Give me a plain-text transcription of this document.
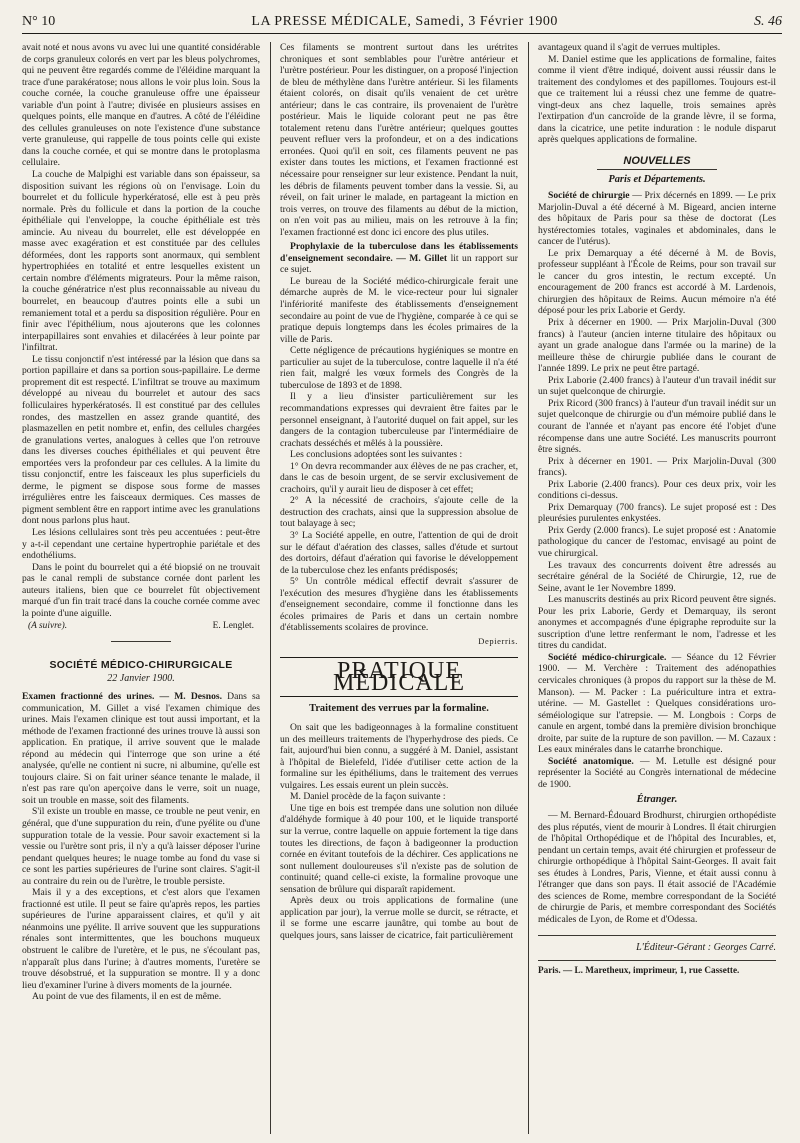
N° 10	LA PRESSE MÉDICALE, Samedi, 3 Février 1900	S. 46

avait noté et nous avons vu avec lui une quantité considérable de corps granuleux colorés en vert par les bleus polychromes, qui ne peuvent être regardés comme de l'éléidine marquant la trace d'une parakératose; nous allons le voir plus loin. Sous la couche cornée, la couche granuleuse offre une épaisseur variable d'un point à l'autre; divisée en plusieurs assises en quelques points, elle manque en d'autres. A côté de l'éléidine des cellules granuleuses on note l'existence d'une substance verte granuleuse, qui rappelle de tous points celle qui existe dans la couche cornée, et qui se montre dans le protoplasma cellulaire.

La couche de Malpighi est variable dans son épaisseur, sa disposition suivant les régions où on l'envisage. Loin du bourrelet et du follicule hyperkératosé, elle est à peu près normale. Près du follicule et dans la portion de la couche épithéliale qui l'enveloppe, la couche épithéliale est très amincie. Au niveau du bourrelet, elle est développée en masse avec exagération et est constituée par des cellules déformées, dont les rapports sont anormaux, qui semblent hypertrophiées en totalité et entre lesquelles existent un certain nombre d'éléments migrateurs. Pour la même raison, la couche génératrice n'est plus reconnaissable au niveau du bourrelet, en beaucoup d'autres points elle a subi un remaniement total et a perdu sa disposition régulière. Pour en finir avec l'épithélium, nous ajouterons que les colonnes interpapillaires sont envahies et dilacérées à leur pointe par l'infiltrat.

Le tissu conjonctif n'est intéressé par la lésion que dans sa portion papillaire et dans sa portion sous-papillaire. Le derme proprement dit est respecté. L'infiltrat se trouve au maximum développé au niveau du bourrelet et autour des sacs folliculaires hyperkératosés. Il est constitué par des cellules rondes, des mastzellen en assez grande quantité, des plasmazellen en petit nombre et, enfin, des cellules chargées de granulations vertes, analogues à celles que l'on retrouve dans les diverses couches épithéliales et qui peuvent être emportées vers la profondeur par ces cellules. A la limite du tissu conjonctif, entre les faisceaux les plus superficiels du derme, le pigment se dispose sous forme de masses irrégulières entre les faisceaux dermiques. Ces masses de pigment semblent être en rapport intime avec les granulations dont nous parlons plus haut.

Les lésions cellulaires sont très peu accentuées : peut-être y a-t-il cependant une certaine hypertrophie pariétale et des endothéliums.

Dans le point du bourrelet qui a été biopsié on ne trouvait pas le canal rempli de substance cornée dont parlent les auteurs italiens, bien que ce bourrelet fût objectivement marqué d'un fin trait tracé dans la couche cornée comme avec la pointe d'une aiguille.

(A suivre).	E. Lenglet.
SOCIÉTÉ MÉDICO-CHIRURGICALE
22 Janvier 1900.

Examen fractionné des urines. — M. Desnos. Dans sa communication, M. Gillet a visé l'examen chimique des urines. Mais l'examen clinique est tout aussi important, et la méthode de l'examen fractionné des urines trouve là aussi son application. En pratique, il arrive souvent que le malade répond au médecin qui l'interroge que son urine a été analysée, qu'elle ne contient ni sucre, ni albumine, qu'elle est toujours claire. Si on fait uriner séance tenante le malade, il n'est pas rare qu'on aperçoive dans le verre, soit un nuage, soit un trouble en masse, soit des filaments.

S'il existe un trouble en masse, ce trouble ne peut venir, en général, que d'une suppuration du rein, d'une pyélite ou d'une suppuration totale de la vessie. Pour savoir exactement si la vessie ou l'urètre sont pris, il n'y a qu'à laisser déposer l'urine pendant quelques heures; le nuage tombe au fond du vase si ce sont les parties supérieures de l'urine sont claires. S'agit-il au contraire du rein ou de l'urètre, le trouble persiste.

Mais il y a des exceptions, et c'est alors que l'examen fractionné est utile. Il peut se faire qu'après repos, les parties supérieures de l'urine apparaissent claires, et qu'il y ait néanmoins une pyélite. Il arrive souvent que les suppurations rénales sont intermittentes, que les bouchons muqueux obstruent le calibre de l'uretère, et le pus, ne s'écoulant pas, n'apparaît plus dans l'urine; à d'autres moments, l'uretère se trouve désobstrué, et la suppuration se montre. Il y a donc lieu d'examiner l'urine à divers moments de la journée.

Au point de vue des filaments, il en est de même.

Ces filaments se montrent surtout dans les urétrites chroniques et sont semblables pour l'urètre antérieur et l'urètre postérieur. Pour les distinguer, on a proposé l'injection de bleu de méthylène dans l'urètre antérieur. Si les filaments étaient colorés, on disait qu'ils venaient de cet urètre antérieur; dans le cas contraire, ils provenaient de l'urètre postérieur. Mais le liquide colorant peut ne pas être totalement retenu dans l'urètre antérieur; quelques gouttes peuvent refluer vers la profondeur, et on a des indications erronées. Quoi qu'il en soit, ces filaments peuvent ne pas exister dans toutes les mictions, et l'examen fractionné est nécessaire pour renseigner sur leur existence. Pendant la nuit, les débris de filaments peuvent tomber dans la vessie. Si, au réveil, on fait uriner le malade, en partageant la miction en trois verres, on trouve des filaments au début de la miction, on n'en voit pas au milieu, mais on les retrouve à la fin; l'examen fractionné est donc ici encore des plus utiles.

Prophylaxie de la tuberculose dans les établissements d'enseignement secondaire. — M. Gillet lit un rapport sur ce sujet.

Le bureau de la Société médico-chirurgicale ferait une démarche auprès de M. le vice-recteur pour lui signaler l'infériorité manifeste des établissements d'enseignement secondaire au point de vue de l'hygiène, comparée à ce qui se pratique depuis longtemps dans les écoles primaires de la ville de Paris.

Cette négligence de précautions hygiéniques se montre en particulier au sujet de la tuberculose, contre laquelle il n'a été rien fait, malgré les vœux formels des Congrès de la tuberculose de 1893 et de 1898.

Il y a lieu d'insister particulièrement sur les recommandations expresses qui devraient être faites par le personnel enseignant, à l'autorité duquel on fait appel, sur les dangers de la contagion tuberculeuse par l'intermédiaire de crachats desséchés et mêlés à la poussière.

Les conclusions adoptées sont les suivantes :

1° On devra recommander aux élèves de ne pas cracher, et, dans le cas de besoin urgent, de se servir exclusivement de crachoirs, qu'il y aurait lieu de disposer à cet effet;

2° A la nécessité de crachoirs, s'ajoute celle de la destruction des crachats, ainsi que la suppression absolue de tout balayage à sec;

3° La Société appelle, en outre, l'attention de qui de droit sur le défaut d'aération des classes, salles d'étude et surtout des dortoirs, défaut d'aération qui favorise le développement de la tuberculose chez les enfants prédisposés;

5° Un contrôle médical effectif devrait s'assurer de l'exécution des mesures d'hygiène dans les établissements d'enseignement secondaire, comme il fonctionne dans les écoles primaires de Paris et dans un certain nombre d'établissements scolaires de province.

Depierris.
PRATIQUE MÉDICALE
Traitement des verrues par la formaline.

On sait que les badigeonnages à la formaline constituent un des meilleurs traitements de l'hyperhydrose des pieds. Ce fait, aujourd'hui bien connu, a suggéré à M. Daniel, assistant à l'hôpital de Bielefeld, l'idée d'utiliser cette action de la formaline sur les épithéliums, dans le traitement des verrues vulgaires. Les essais eurent un plein succès.

M. Daniel procède de la façon suivante :

Une tige en bois est trempée dans une solution non diluée d'aldéhyde formique à 40 pour 100, et le liquide transporté sur la verrue, contre laquelle on appuie fortement la tige dans toutes les directions, de façon à badigeonner la production cornée en évitant toutefois de la déchirer. Ces applications ne sont nullement douloureuses s'il n'existe pas de solution de continuité; quand celle-ci existe, la formaline provoque une sensation de brûlure qui disparaît rapidement.

Après deux ou trois applications de formaline (une application par jour), la verrue molle se durcit, se rétracte, et il se forme une escarre jaunâtre, qui tombe au bout de quelques jours, sans laisser de cicatrice, fait particulièrement

avantageux quand il s'agit de verrues multiples.

M. Daniel estime que les applications de formaline, faites comme il vient d'être indiqué, doivent aussi réussir dans le traitement des condylomes et des papillomes. Toujours est-il que ce traitement lui a réussi chez une femme de quatre-vingt-deux ans chez laquelle, trois semaines après l'extirpation d'un cancroïde de la grande lèvre, il se forma, dans la cicatrice, une petite induration : le nodule disparut après quelques applications de formaline.

NOUVELLES
Paris et Départements.

Société de chirurgie — Prix décernés en 1899. — Le prix Marjolin-Duval a été décerné à M. Bigeard, ancien interne des hôpitaux de Paris pour sa thèse de doctorat (Les hystérectomies totales, vaginales et abdominales, dans le cancer de l'utérus).

Le prix Demarquay a été décerné à M. de Bovis, professeur suppléant à l'École de Reims, pour son travail sur le cancer du gros intestin, le rectum excepté. Un encouragement de 200 francs est accordé à M. Lardenois, chirurgien des hôpitaux de Reims. Aucun mémoire n'a été déposé pour les prix Laborie et Gerdy.

Prix à décerner en 1900. — Prix Marjolin-Duval (300 francs) à l'auteur (ancien interne titulaire des hôpitaux ou ayant un grade analogue dans l'armée ou la marine) de la meilleure thèse de chirurgie publiée dans le courant de l'année 1899. Le prix ne peut être partagé.

Prix Laborie (2.400 francs) à l'auteur d'un travail inédit sur un sujet quelconque de chirurgie.

Prix Ricord (300 francs) à l'auteur d'un travail inédit sur un sujet quelconque de chirurgie ou d'un mémoire publié dans le courant de l'année et n'ayant pas encore été l'objet d'une récompense dans une autre Société. Les manuscrits pourront être signés.

Prix à décerner en 1901. — Prix Marjolin-Duval (300 francs).

Prix Laborie (2.400 francs). Pour ces deux prix, voir les conditions ci-dessus.

Prix Demarquay (700 francs). Le sujet proposé est : Des pleurésies purulentes enkystées.

Prix Gerdy (2.000 francs). Le sujet proposé est : Anatomie pathologique du cancer de l'estomac, envisagé au point de vue chirurgical.

Les travaux des concurrents doivent être adressés au secrétaire général de la Société de Chirurgie, 12, rue de Seine, avant le 1er Novembre 1899.

Les manuscrits destinés au prix Ricord peuvent être signés. Pour les prix Laborie, Gerdy et Demarquay, ils seront anonymes et accompagnés d'une épigraphe reproduite sur la suscription d'une lettre renfermant le nom, l'adresse et les titres du candidat.

Société médico-chirurgicale. — Séance du 12 Février 1900. — M. Verchère : Traitement des adénopathies cervicales chroniques (à propos du rapport sur la thèse de M. Manson). — M. Packer : La puériculture intra et extra-utérine. — M. Gastellet : Quelques considérations uro-séméiologique sur l'atrepsie. — M. Longbois : Corps de canule en argent, tombé dans la première division bronchique droite, par suite de la rupture de son pavillon. — M. Cazaux : Les eaux minérales dans le catarrhe bronchique.

Société anatomique. — M. Letulle est désigné pour représenter la Société au Congrès international de médecine de 1900.

Étranger.

— M. Bernard-Édouard Brodhurst, chirurgien orthopédiste des plus réputés, vient de mourir à Londres. Il était chirurgien de l'hôpital Orthopédique et de l'hôpital des Incurables, et, pendant un certain temps, avait été chirurgien et professeur de chirurgie orthopédique à l'hôpital Saint-Georges. Il avait fait ses études à Londres, Paris, Vienne, et était aussi connu à l'étranger que dans son pays. Il était associé de l'Académie des sciences de Rome, membre correspondant de la Société de chirurgie de Paris, et membre correspondant des Sociétés médicales de Lyon, de Rome et d'Odessa.

L'Éditeur-Gérant : Georges Carré.
Paris. — L. Maretheux, imprimeur, 1, rue Cassette.
